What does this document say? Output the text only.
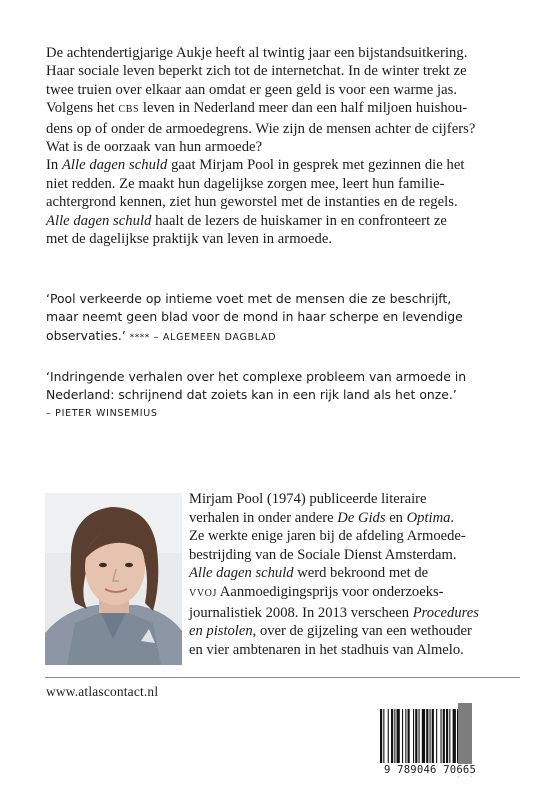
De achtendertigjarige Aukje heeft al twintig jaar een bijstandsuitkering.
Haar sociale leven beperkt zich tot de internetchat. In de winter trekt ze
twee truien over elkaar aan omdat er geen geld is voor een warme jas.
Volgens het CBS leven in Nederland meer dan een half miljoen huishou-
dens op of onder de armoedegrens. Wie zijn de mensen achter de cijfers?
Wat is de oorzaak van hun armoede?
In Alle dagen schuld gaat Mirjam Pool in gesprek met gezinnen die het
niet redden. Ze maakt hun dagelijkse zorgen mee, leert hun familie-
achtergrond kennen, ziet hun geworstel met de instanties en de regels.
Alle dagen schuld haalt de lezers de huiskamer in en confronteert ze
met de dagelijkse praktijk van leven in armoede.
‘Pool verkeerde op intieme voet met de mensen die ze beschrijft,
maar neemt geen blad voor de mond in haar scherpe en levendige
observaties.’ **** – ALGEMEEN DAGBLAD
‘Indringende verhalen over het complexe probleem van armoede in
Nederland: schrijnend dat zoiets kan in een rijk land als het onze.’
– PIETER WINSEMIUS
Mirjam Pool (1974) publiceerde literaire
verhalen in onder andere De Gids en Optima.
Ze werkte enige jaren bij de afdeling Armoede-
bestrijding van de Sociale Dienst Amsterdam.
Alle dagen schuld werd bekroond met de
VVOJ Aanmoedigingsprijs voor onderzoeks-
journalistiek 2008. In 2013 verscheen Procedures
en pistolen, over de gijzeling van een wethouder
en vier ambtenaren in het stadhuis van Almelo.
www.atlascontact.nl
9 789046 70665
